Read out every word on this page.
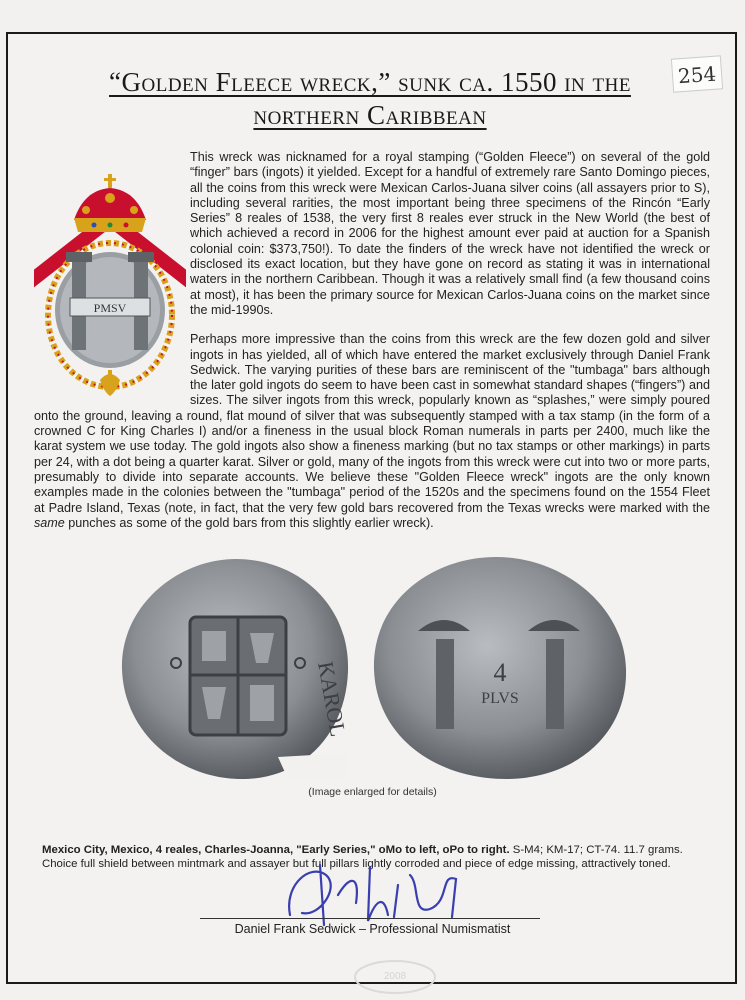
“Golden Fleece wreck,” sunk ca. 1550 in the
northern Caribbean
254

PMSV
This wreck was nicknamed for a royal stamping (“Golden Fleece”) on several of the gold “finger” bars (ingots) it yielded. Except for a handful of extremely rare Santo Domingo pieces, all the coins from this wreck were Mexican Carlos-Juana silver coins (all assayers prior to S), including several rarities, the most important being three specimens of the Rincón “Early Series” 8 reales of 1538, the very first 8 reales ever struck in the New World (the best of which achieved a record in 2006 for the highest amount ever paid at auction for a Spanish colonial coin: $373,750!). To date the finders of the wreck have not identified the wreck or disclosed its exact location, but they have gone on record as stating it was in international waters in the northern Caribbean. Though it was a relatively small find (a few thousand coins at most), it has been the primary source for Mexican Carlos-Juana coins on the market since the mid-1990s.

Perhaps more impressive than the coins from this wreck are the few dozen gold and silver ingots in has yielded, all of which have entered the market exclusively through Daniel Frank Sedwick. The varying purities of these bars are reminiscent of the "tumbaga" bars although the later gold ingots do seem to have been cast in somewhat standard shapes (“fingers”) and sizes. The silver ingots from this wreck, popularly known as “splashes,” were simply poured onto the ground, leaving a round, flat mound of silver that was subsequently stamped with a tax stamp (in the form of a crowned C for King Charles I) and/or a fineness in the usual block Roman numerals in parts per 2400, much like the karat system we use today. The gold ingots also show a fineness marking (but no tax stamps or other markings) in parts per 24, with a dot being a quarter karat. Silver or gold, many of the ingots from this wreck were cut into two or more parts, presumably to divide into separate accounts. We believe these "Golden Fleece wreck" ingots are the only known examples made in the colonies between the "tumbaga" period of the 1520s and the specimens found on the 1554 Fleet at Padre Island, Texas (note, in fact, that the very few gold bars recovered from the Texas wrecks were marked with the same punches as some of the gold bars from this slightly earlier wreck).

KAROL	4
PLVS
(Image enlarged for details)
Mexico City, Mexico, 4 reales, Charles-Joanna, "Early Series," oMo to left, oPo to right. S-M4; KM-17; CT-74. 11.7 grams. Choice full shield between mintmark and assayer but full pillars lightly corroded and piece of edge missing, attractively toned.
Daniel Frank Sedwick – Professional Numismatist
2008
